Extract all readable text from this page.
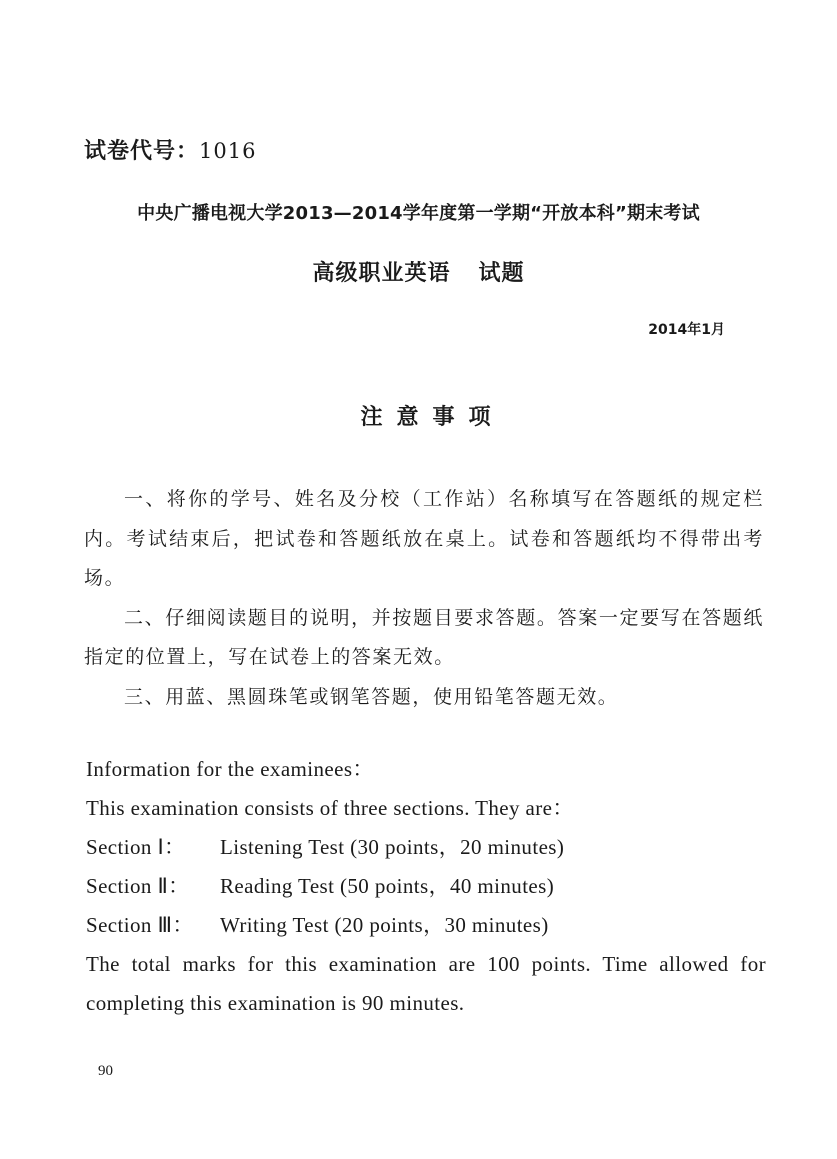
试卷代号：1016
中央广播电视大学2013—2014学年度第一学期“开放本科”期末考试
高级职业英语 试题
2014年1月
注意事项

一、将你的学号、姓名及分校（工作站）名称填写在答题纸的规定栏内。考试结束后，把试卷和答题纸放在桌上。试卷和答题纸均不得带出考场。

二、仔细阅读题目的说明，并按题目要求答题。答案一定要写在答题纸指定的位置上，写在试卷上的答案无效。

三、用蓝、黑圆珠笔或钢笔答题，使用铅笔答题无效。

Information for the examinees：

This examination consists of three sections. They are：

Section Ⅰ：	Listening Test (30 points，20 minutes)
Section Ⅱ：	Reading Test (50 points，40 minutes)
Section Ⅲ：	Writing Test (20 points，30 minutes)

The total marks for this examination are 100 points. Time allowed for completing this examination is 90 minutes.

90
